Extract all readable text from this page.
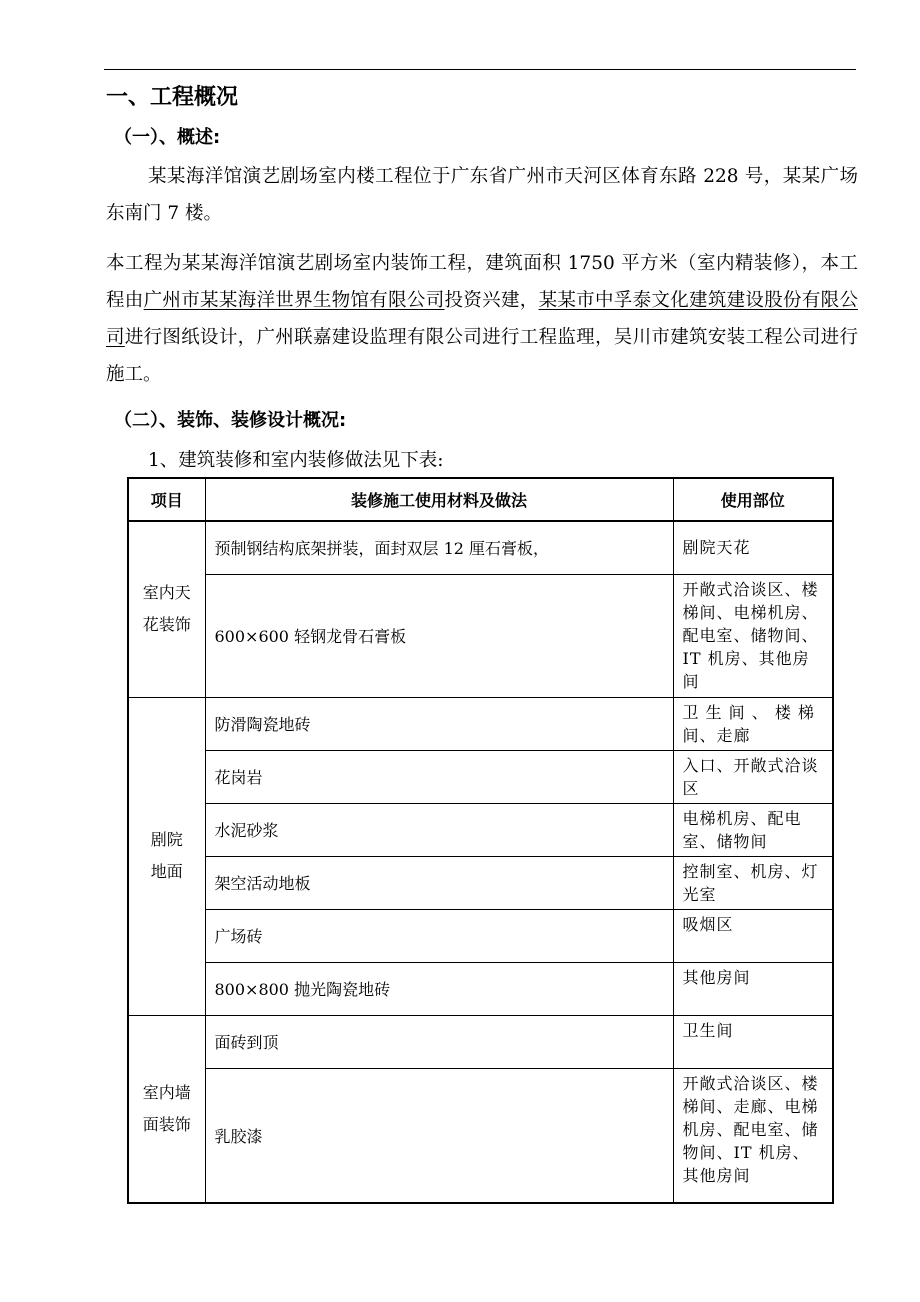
一、工程概况
（一）、概述:
某某海洋馆演艺剧场室内楼工程位于广东省广州市天河区体育东路 228 号，某某广场东南门 7 楼。
本工程为某某海洋馆演艺剧场室内装饰工程，建筑面积 1750 平方米（室内精装修），本工程由广州市某某海洋世界生物馆有限公司投资兴建，某某市中孚泰文化建筑建设股份有限公司进行图纸设计，广州联嘉建设监理有限公司进行工程监理，吴川市建筑安装工程公司进行施工。
（二）、装饰、装修设计概况:
1、建筑装修和室内装修做法见下表:
项目	装修施工使用材料及做法	使用部位

室内天
花装饰	预制钢结构底架拼装，面封双层 12 厘石膏板，	剧院天花
	600×600 轻钢龙骨石膏板	开敞式洽谈区、楼梯间、电梯机房、配电室、储物间、IT 机房、其他房间

剧院
地面	防滑陶瓷地砖	卫 生 间 、 楼 梯 间、走廊
	花岗岩	入口、开敞式洽谈区
	水泥砂浆	电梯机房、配电室、储物间
	架空活动地板	控制室、机房、灯光室
	广场砖	吸烟区
	800×800 抛光陶瓷地砖	其他房间

室内墙
面装饰	面砖到顶	卫生间
	乳胶漆	开敞式洽谈区、楼梯间、走廊、电梯机房、配电室、储物间、IT 机房、其他房间
